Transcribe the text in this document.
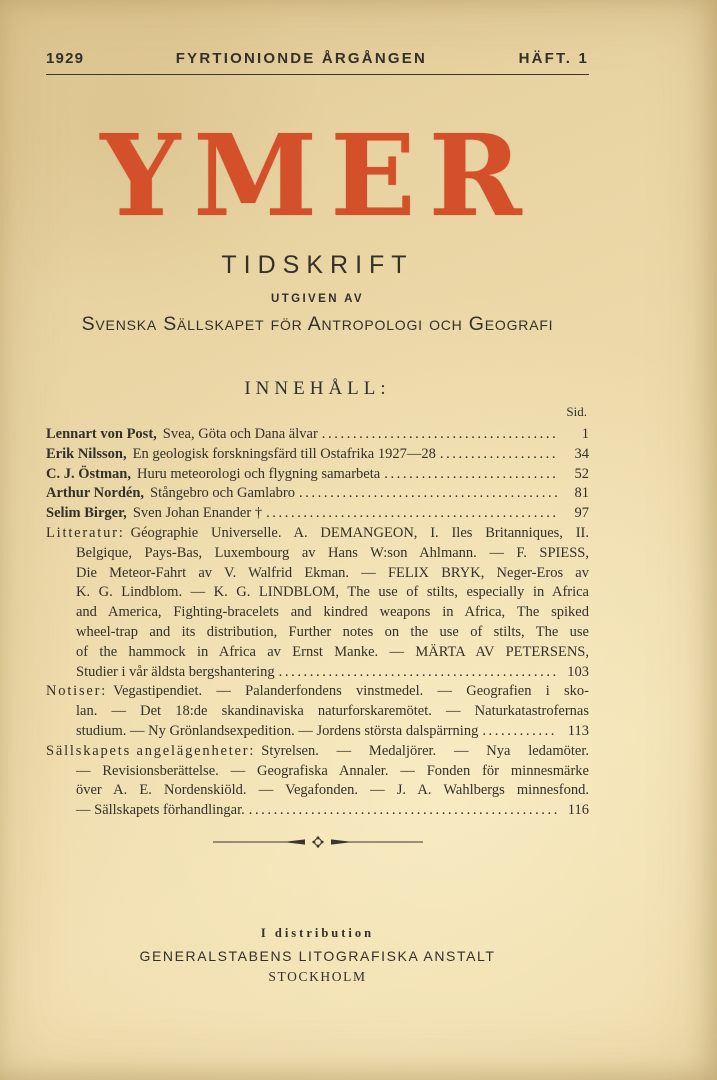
1929	FYRTIONIONDE ÅRGÅNGEN	HÄFT. 1
YMER
TIDSKRIFT
UTGIVEN AV
Svenska Sällskapet för Antropologi och Geografi
INNEHÅLL:
Sid.
Lennart von Post, Svea, Göta och Dana älvar .....	1
Erik Nilsson, En geologisk forskningsfärd till Ostafrika 1927—28 .....	34
C. J. Östman, Huru meteorologi och flygning samarbeta .....	52
Arthur Nordén, Stångebro och Gamlabro .....	81
Selim Birger, Sven Johan Enander † .....	97
Litteratur: Géographie Universelle. A. DEMANGEON, I. Iles Britanniques, II.
Belgique, Pays-Bas, Luxembourg av Hans W:son Ahlmann. — F. SPIESS,
Die Meteor-Fahrt av V. Walfrid Ekman. — FELIX BRYK, Neger-Eros av
K. G. Lindblom. — K. G. LINDBLOM, The use of stilts, especially in Africa
and America, Fighting-bracelets and kindred weapons in Africa, The spiked
wheel-trap and its distribution, Further notes on the use of stilts, The use
of the hammock in Africa av Ernst Manke. — MÄRTA AV PETERSENS,
Studier i vår äldsta bergshantering .....	103
Notiser: Vegastipendiet. — Palanderfondens vinstmedel. — Geografien i sko-
lan. — Det 18:de skandinaviska naturforskaremötet. — Naturkatastrofernas
studium. — Ny Grönlandsexpedition. — Jordens största dalspärrning .....	113
Sällskapets angelägenheter: Styrelsen. — Medaljörer. — Nya ledamöter.
— Revisionsberättelse. — Geografiska Annaler. — Fonden för minnesmärke
över A. E. Nordenskiöld. — Vegafonden. — J. A. Wahlbergs minnesfond.
— Sällskapets förhandlingar. .....	116
I distribution
GENERALSTABENS LITOGRAFISKA ANSTALT
STOCKHOLM
